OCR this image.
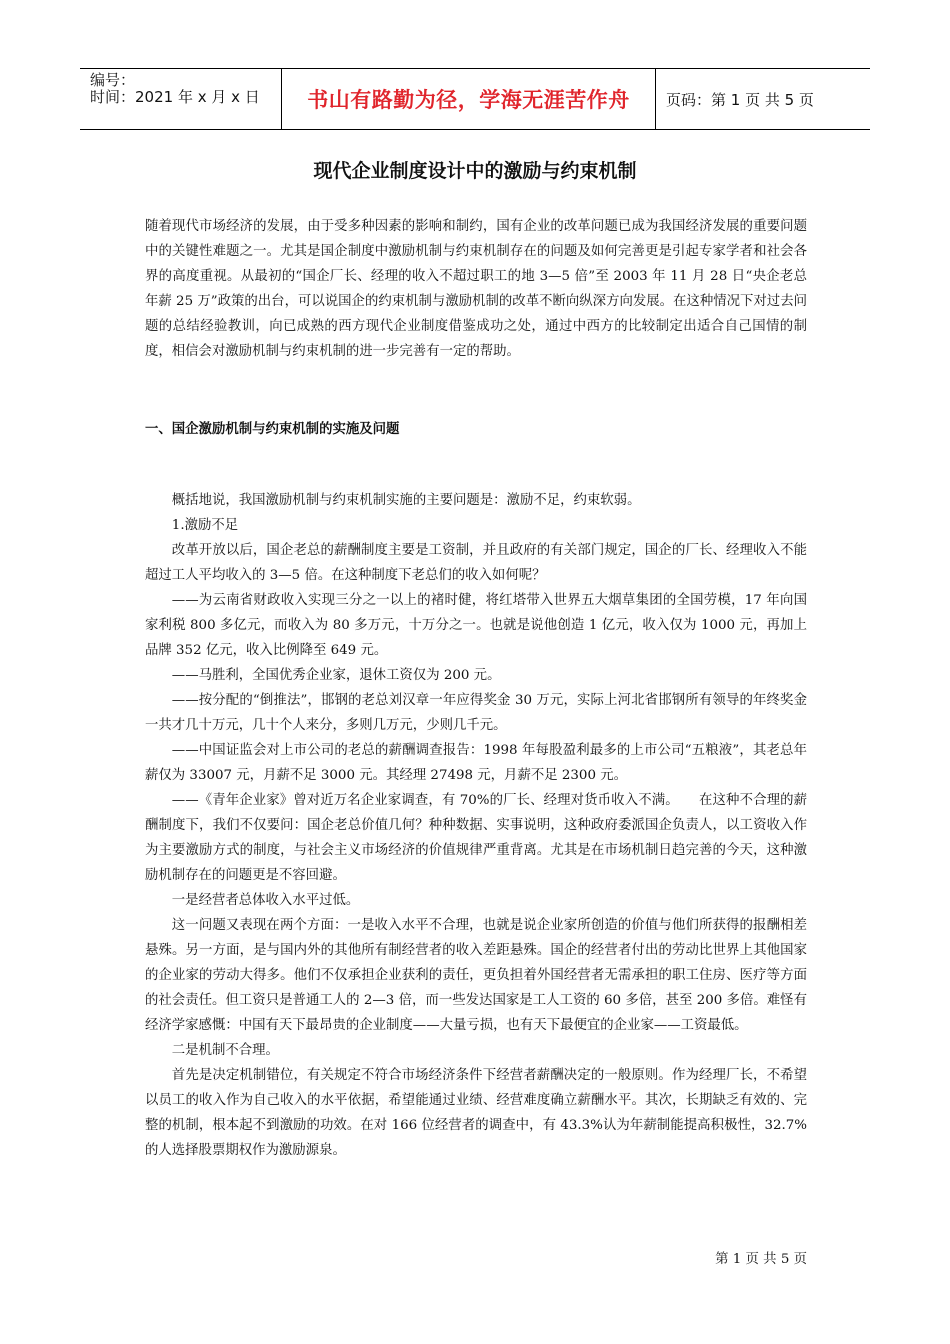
编号：
时间：2021 年 x 月 x 日	书山有路勤为径，学海无涯苦作舟	页码：第 1 页 共 5 页
现代企业制度设计中的激励与约束机制

随着现代市场经济的发展，由于受多种因素的影响和制约，国有企业的改革问题已成为我国经济发展的重要问题中的关键性难题之一。尤其是国企制度中激励机制与约束机制存在的问题及如何完善更是引起专家学者和社会各界的高度重视。从最初的“国企厂长、经理的收入不超过职工的地 3—5 倍”至 2003 年 11 月 28 日“央企老总年薪 25 万”政策的出台，可以说国企的约束机制与激励机制的改革不断向纵深方向发展。在这种情况下对过去问题的总结经验教训，向已成熟的西方现代企业制度借鉴成功之处，通过中西方的比较制定出适合自己国情的制度，相信会对激励机制与约束机制的进一步完善有一定的帮助。

一、国企激励机制与约束机制的实施及问题

概括地说，我国激励机制与约束机制实施的主要问题是：激励不足，约束软弱。

1.激励不足

改革开放以后，国企老总的薪酬制度主要是工资制，并且政府的有关部门规定，国企的厂长、经理收入不能超过工人平均收入的 3—5 倍。在这种制度下老总们的收入如何呢？

——为云南省财政收入实现三分之一以上的褚时健，将红塔带入世界五大烟草集团的全国劳模，17 年向国家利税 800 多亿元，而收入为 80 多万元，十万分之一。也就是说他创造 1 亿元，收入仅为 1000 元，再加上品牌 352 亿元，收入比例降至 649 元。

——马胜利，全国优秀企业家，退休工资仅为 200 元。

——按分配的“倒推法”，邯钢的老总刘汉章一年应得奖金 30 万元，实际上河北省邯钢所有领导的年终奖金一共才几十万元，几十个人来分，多则几万元，少则几千元。

——中国证监会对上市公司的老总的薪酬调查报告：1998 年每股盈利最多的上市公司“五粮液”，其老总年薪仅为 33007 元，月薪不足 3000 元。其经理 27498 元，月薪不足 2300 元。

——《青年企业家》曾对近万名企业家调查，有 70%的厂长、经理对货币收入不满。　　在这种不合理的薪酬制度下，我们不仅要问：国企老总价值几何？种种数据、实事说明，这种政府委派国企负责人，以工资收入作为主要激励方式的制度，与社会主义市场经济的价值规律严重背离。尤其是在市场机制日趋完善的今天，这种激励机制存在的问题更是不容回避。

一是经营者总体收入水平过低。

这一问题又表现在两个方面：一是收入水平不合理，也就是说企业家所创造的价值与他们所获得的报酬相差悬殊。另一方面，是与国内外的其他所有制经营者的收入差距悬殊。国企的经营者付出的劳动比世界上其他国家的企业家的劳动大得多。他们不仅承担企业获利的责任，更负担着外国经营者无需承担的职工住房、医疗等方面的社会责任。但工资只是普通工人的 2—3 倍，而一些发达国家是工人工资的 60 多倍，甚至 200 多倍。难怪有经济学家感慨：中国有天下最昂贵的企业制度——大量亏损，也有天下最便宜的企业家——工资最低。

二是机制不合理。

首先是决定机制错位，有关规定不符合市场经济条件下经营者薪酬决定的一般原则。作为经理厂长，不希望以员工的收入作为自己收入的水平依据，希望能通过业绩、经营难度确立薪酬水平。其次，长期缺乏有效的、完整的机制，根本起不到激励的功效。在对 166 位经营者的调查中，有 43.3%认为年薪制能提高积极性，32.7%的人选择股票期权作为激励源泉。

第 1 页 共 5 页
